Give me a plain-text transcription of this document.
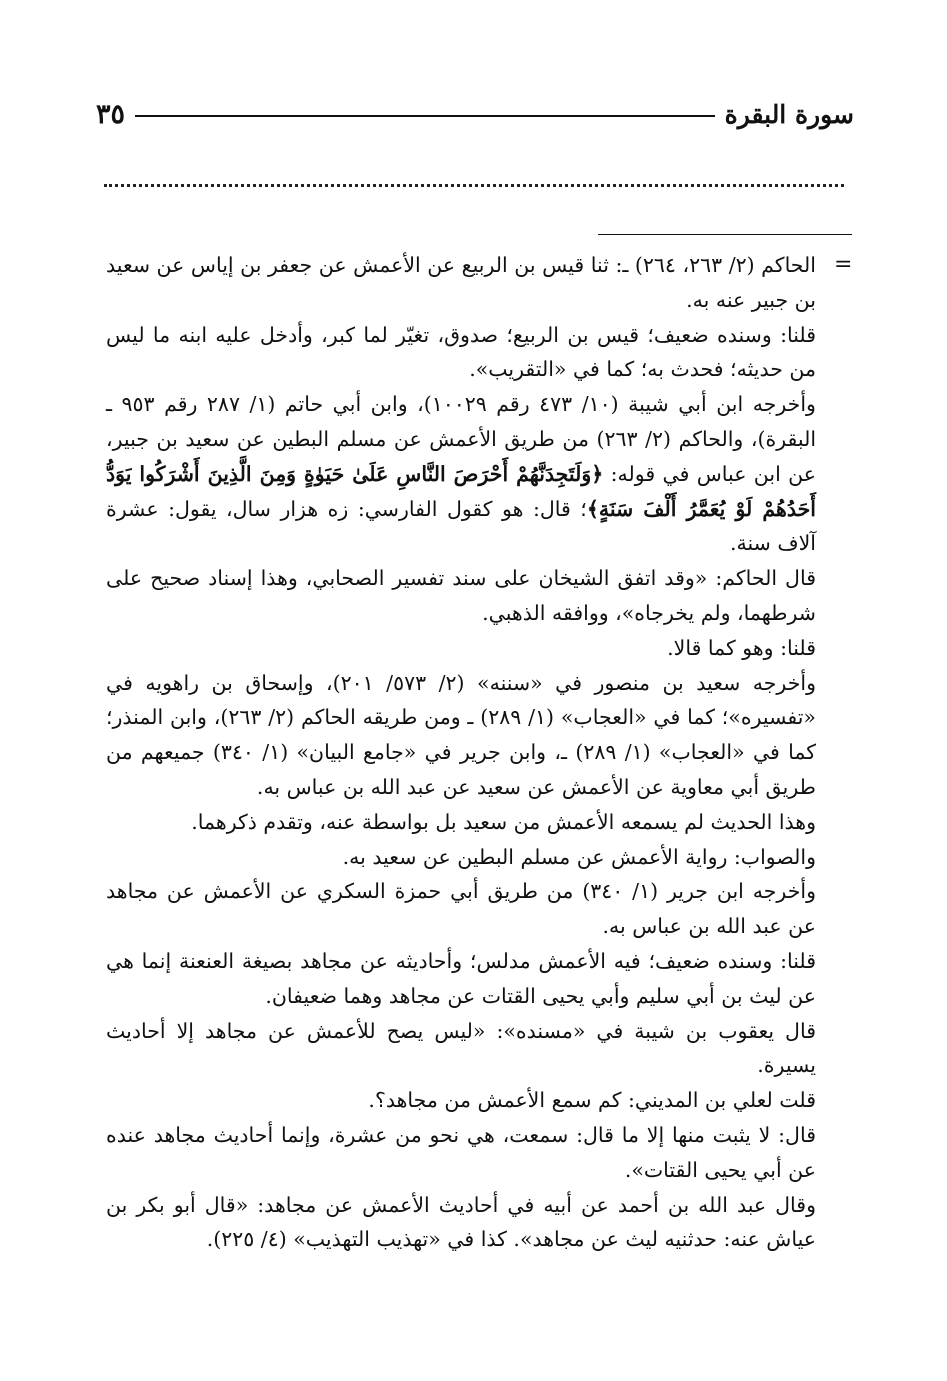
سورة البقرة
٣٥
=

الحاكم (٢/ ٢٦٣، ٢٦٤) ـ: ثنا قيس بن الربيع عن الأعمش عن جعفر بن إياس عن سعيد بن جبير عنه به.

قلنا: وسنده ضعيف؛ قيس بن الربيع؛ صدوق، تغيّر لما كبر، وأدخل عليه ابنه ما ليس من حديثه؛ فحدث به؛ كما في «التقريب».

وأخرجه ابن أبي شيبة (١٠/ ٤٧٣ رقم ١٠٠٢٩)، وابن أبي حاتم (١/ ٢٨٧ رقم ٩٥٣ ـ البقرة)، والحاكم (٢/ ٢٦٣) من طريق الأعمش عن مسلم البطين عن سعيد بن جبير، عن ابن عباس في قوله: ﴿وَلَتَجِدَنَّهُمْ أَحْرَصَ النَّاسِ عَلَىٰ حَيَوٰةٍ وَمِنَ الَّذِينَ أَشْرَكُوا يَوَدُّ أَحَدُهُمْ لَوْ يُعَمَّرُ أَلْفَ سَنَةٍ﴾؛ قال: هو كقول الفارسي: زه هزار سال، يقول: عشرة آلاف سنة.

قال الحاكم: «وقد اتفق الشيخان على سند تفسير الصحابي، وهذا إسناد صحيح على شرطهما، ولم يخرجاه»، ووافقه الذهبي.

قلنا: وهو كما قالا.

وأخرجه سعيد بن منصور في «سننه» (٢/ ٥٧٣/ ٢٠١)، وإسحاق بن راهويه في «تفسيره»؛ كما في «العجاب» (١/ ٢٨٩) ـ ومن طريقه الحاكم (٢/ ٢٦٣)، وابن المنذر؛ كما في «العجاب» (١/ ٢٨٩) ـ، وابن جرير في «جامع البيان» (١/ ٣٤٠) جميعهم من طريق أبي معاوية عن الأعمش عن سعيد عن عبد الله بن عباس به.

وهذا الحديث لم يسمعه الأعمش من سعيد بل بواسطة عنه، وتقدم ذكرهما.

والصواب: رواية الأعمش عن مسلم البطين عن سعيد به.

وأخرجه ابن جرير (١/ ٣٤٠) من طريق أبي حمزة السكري عن الأعمش عن مجاهد عن عبد الله بن عباس به.

قلنا: وسنده ضعيف؛ فيه الأعمش مدلس؛ وأحاديثه عن مجاهد بصيغة العنعنة إنما هي عن ليث بن أبي سليم وأبي يحيى القتات عن مجاهد وهما ضعيفان.

قال يعقوب بن شيبة في «مسنده»: «ليس يصح للأعمش عن مجاهد إلا أحاديث يسيرة.

قلت لعلي بن المديني: كم سمع الأعمش من مجاهد؟.

قال: لا يثبت منها إلا ما قال: سمعت، هي نحو من عشرة، وإنما أحاديث مجاهد عنده عن أبي يحيى القتات».

وقال عبد الله بن أحمد عن أبيه في أحاديث الأعمش عن مجاهد: «قال أبو بكر بن عياش عنه: حدثنيه ليث عن مجاهد». كذا في «تهذيب التهذيب» (٤/ ٢٢٥).
